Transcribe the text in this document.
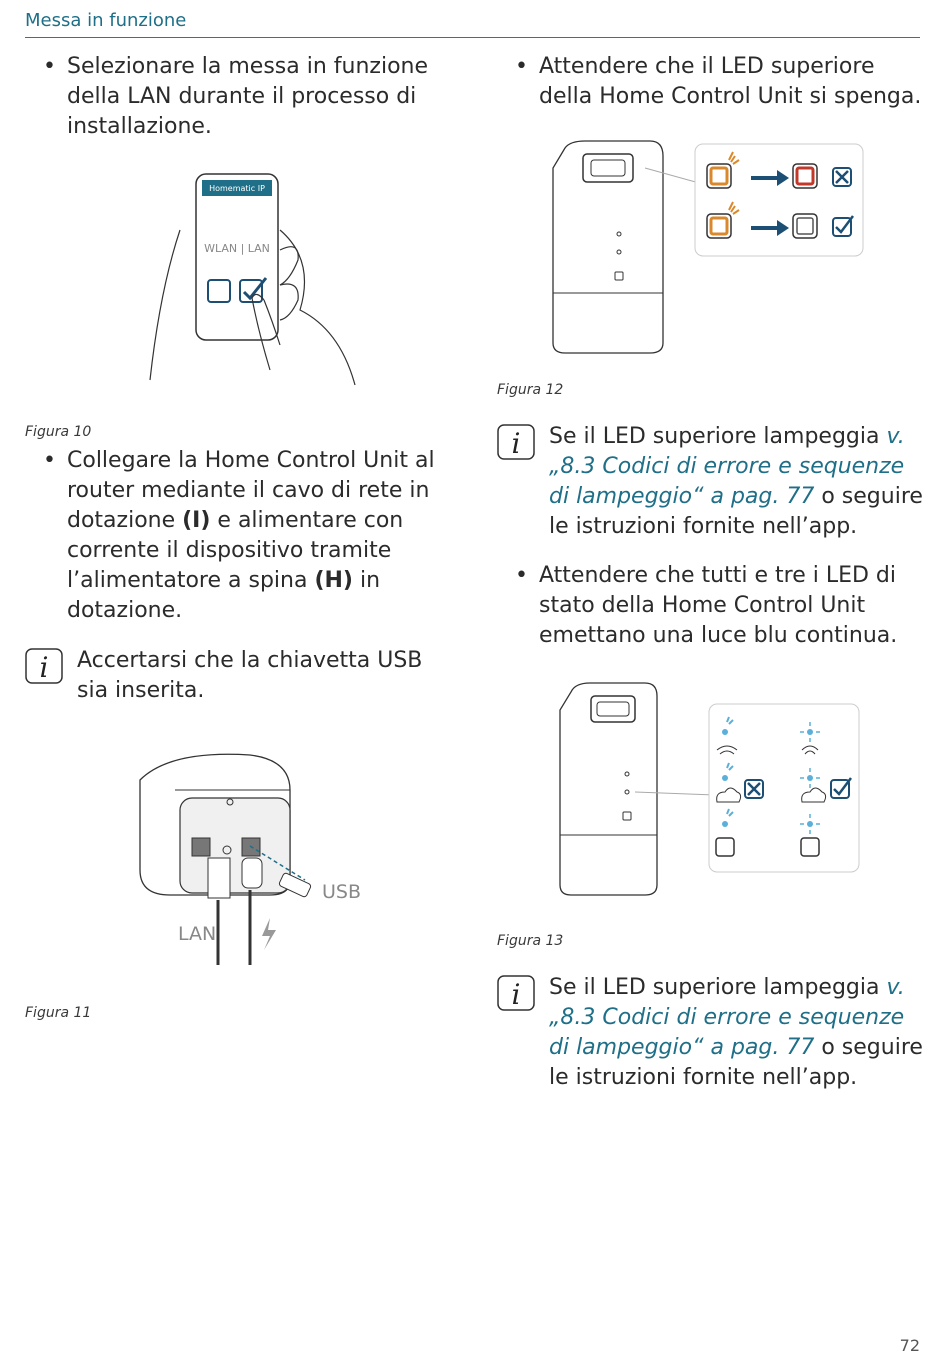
Messa in funzione
• Selezionare la messa in funzione della LAN durante il processo di installazione.
Homematic IP
WLAN | LAN
Figura 10
• Collegare la Home Control Unit al router mediante il cavo di rete in dotazione (I) e alimentare con corrente il dispositivo tramite l’alimentatore a spina (H) in dotazione.
i Accertarsi che la chiavetta USB sia inserita.
USB
LAN
Figura 11
• Attendere che il LED superiore della Home Control Unit si spenga.
Figura 12
i Se il LED superiore lampeggia v. „8.3 Codici di errore e sequenze di lampeggio“ a pag. 77 o seguire le istruzioni fornite nell’app.
• Attendere che tutti e tre i LED di stato della Home Control Unit emettano una luce blu continua.
Figura 13
i Se il LED superiore lampeggia v. „8.3 Codici di errore e sequenze di lampeggio“ a pag. 77 o seguire le istruzioni fornite nell’app.
72
